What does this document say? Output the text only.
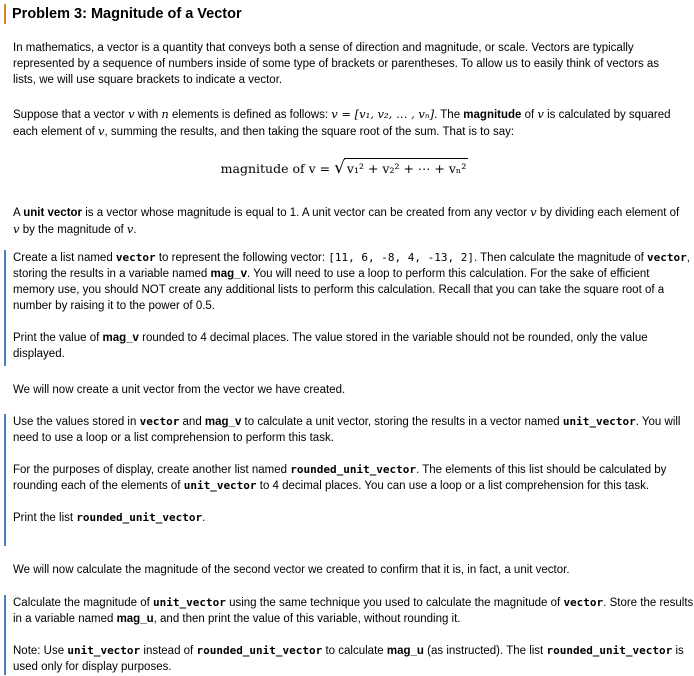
Problem 3: Magnitude of a Vector

In mathematics, a vector is a quantity that conveys both a sense of direction and magnitude, or scale. Vectors are typically represented by a sequence of numbers inside of some type of brackets or parentheses. To allow us to easily think of vectors as lists, we will use square brackets to indicate a vector.

Suppose that a vector v with n elements is defined as follows: v = [v₁, v₂, … , vₙ]. The magnitude of v is calculated by squared each element of v, summing the results, and then taking the square root of the sum. That is to say:

magnitude of v = √ v₁² + v₂² + ⋯ + vₙ²

A unit vector is a vector whose magnitude is equal to 1. A unit vector can be created from any vector v by dividing each element of v by the magnitude of v.

Create a list named vector to represent the following vector: [11, 6, -8, 4, -13, 2]. Then calculate the magnitude of vector, storing the results in a variable named mag_v. You will need to use a loop to perform this calculation. For the sake of efficient memory use, you should NOT create any additional lists to perform this calculation. Recall that you can take the square root of a number by raising it to the power of 0.5.

Print the value of mag_v rounded to 4 decimal places. The value stored in the variable should not be rounded, only the value displayed.

We will now create a unit vector from the vector we have created.

Use the values stored in vector and mag_v to calculate a unit vector, storing the results in a vector named unit_vector. You will need to use a loop or a list comprehension to perform this task.

For the purposes of display, create another list named rounded_unit_vector. The elements of this list should be calculated by rounding each of the elements of unit_vector to 4 decimal places. You can use a loop or a list comprehension for this task.

Print the list rounded_unit_vector.

We will now calculate the magnitude of the second vector we created to confirm that it is, in fact, a unit vector.

Calculate the magnitude of unit_vector using the same technique you used to calculate the magnitude of vector. Store the results in a variable named mag_u, and then print the value of this variable, without rounding it.

Note: Use unit_vector instead of rounded_unit_vector to calculate mag_u (as instructed). The list rounded_unit_vector is used only for display purposes.
